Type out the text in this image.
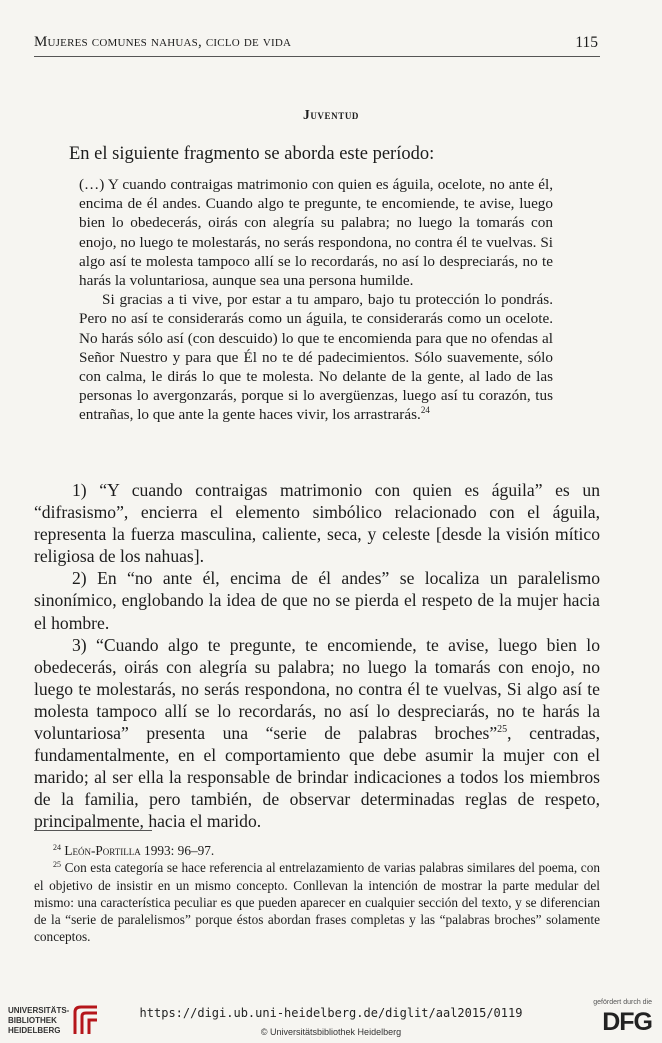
Mujeres comunes nahuas, ciclo de vida	115
Juventud
En el siguiente fragmento se aborda este período:

(…) Y cuando contraigas matrimonio con quien es águila, ocelote, no ante él, encima de él andes. Cuando algo te pregunte, te encomiende, te avise, luego bien lo obedecerás, oirás con alegría su palabra; no luego la tomarás con enojo, no luego te molestarás, no serás respondona, no contra él te vuelvas. Si algo así te molesta tampoco allí se lo recordarás, no así lo despreciarás, no te harás la voluntariosa, aunque sea una persona humilde.

Si gracias a ti vive, por estar a tu amparo, bajo tu protección lo pondrás. Pero no así te considerarás como un águila, te considerarás como un ocelote. No harás sólo así (con descuido) lo que te encomienda para que no ofendas al Señor Nuestro y para que Él no te dé padecimientos. Sólo suavemente, sólo con calma, le dirás lo que te molesta. No delante de la gente, al lado de las personas lo avergonzarás, porque si lo avergüenzas, luego así tu corazón, tus entrañas, lo que ante la gente haces vivir, los arrastrarás.$^{24}$

1) “Y cuando contraigas matrimonio con quien es águila” es un “difrasismo”, encierra el elemento simbólico relacionado con el águila, representa la fuerza masculina, caliente, seca, y celeste [desde la visión mítico religiosa de los nahuas].

2) En “no ante él, encima de él andes” se localiza un paralelismo sinonímico, englobando la idea de que no se pierda el respeto de la mujer hacia el hombre.

3) “Cuando algo te pregunte, te encomiende, te avise, luego bien lo obedecerás, oirás con alegría su palabra; no luego la tomarás con enojo, no luego te molestarás, no serás respondona, no contra él te vuelvas, Si algo así te molesta tampoco allí se lo recordarás, no así lo despreciarás, no te harás la voluntariosa” presenta una “serie de palabras broches”$^{25}$, centradas, fundamentalmente, en el comportamiento que debe asumir la mujer con el marido; al ser ella la responsable de brindar indicaciones a todos los miembros de la familia, pero también, de observar determinadas reglas de respeto, principalmente, hacia el marido.

$^{24}$ León-Portilla 1993: 96–97.

$^{25}$ Con esta categoría se hace referencia al entrelazamiento de varias palabras similares del poema, con el objetivo de insistir en un mismo concepto. Conllevan la intención de mostrar la parte medular del mismo: una característica peculiar es que pueden aparecer en cualquier sección del texto, y se diferencian de la “serie de paralelismos” porque éstos abordan frases completas y las “palabras broches” solamente conceptos.

UNIVERSITÄTS-
BIBLIOTHEK
HEIDELBERG
https://digi.ub.uni-heidelberg.de/diglit/aal2015/0119
© Universitätsbibliothek Heidelberg
gefördert durch die
DFG
